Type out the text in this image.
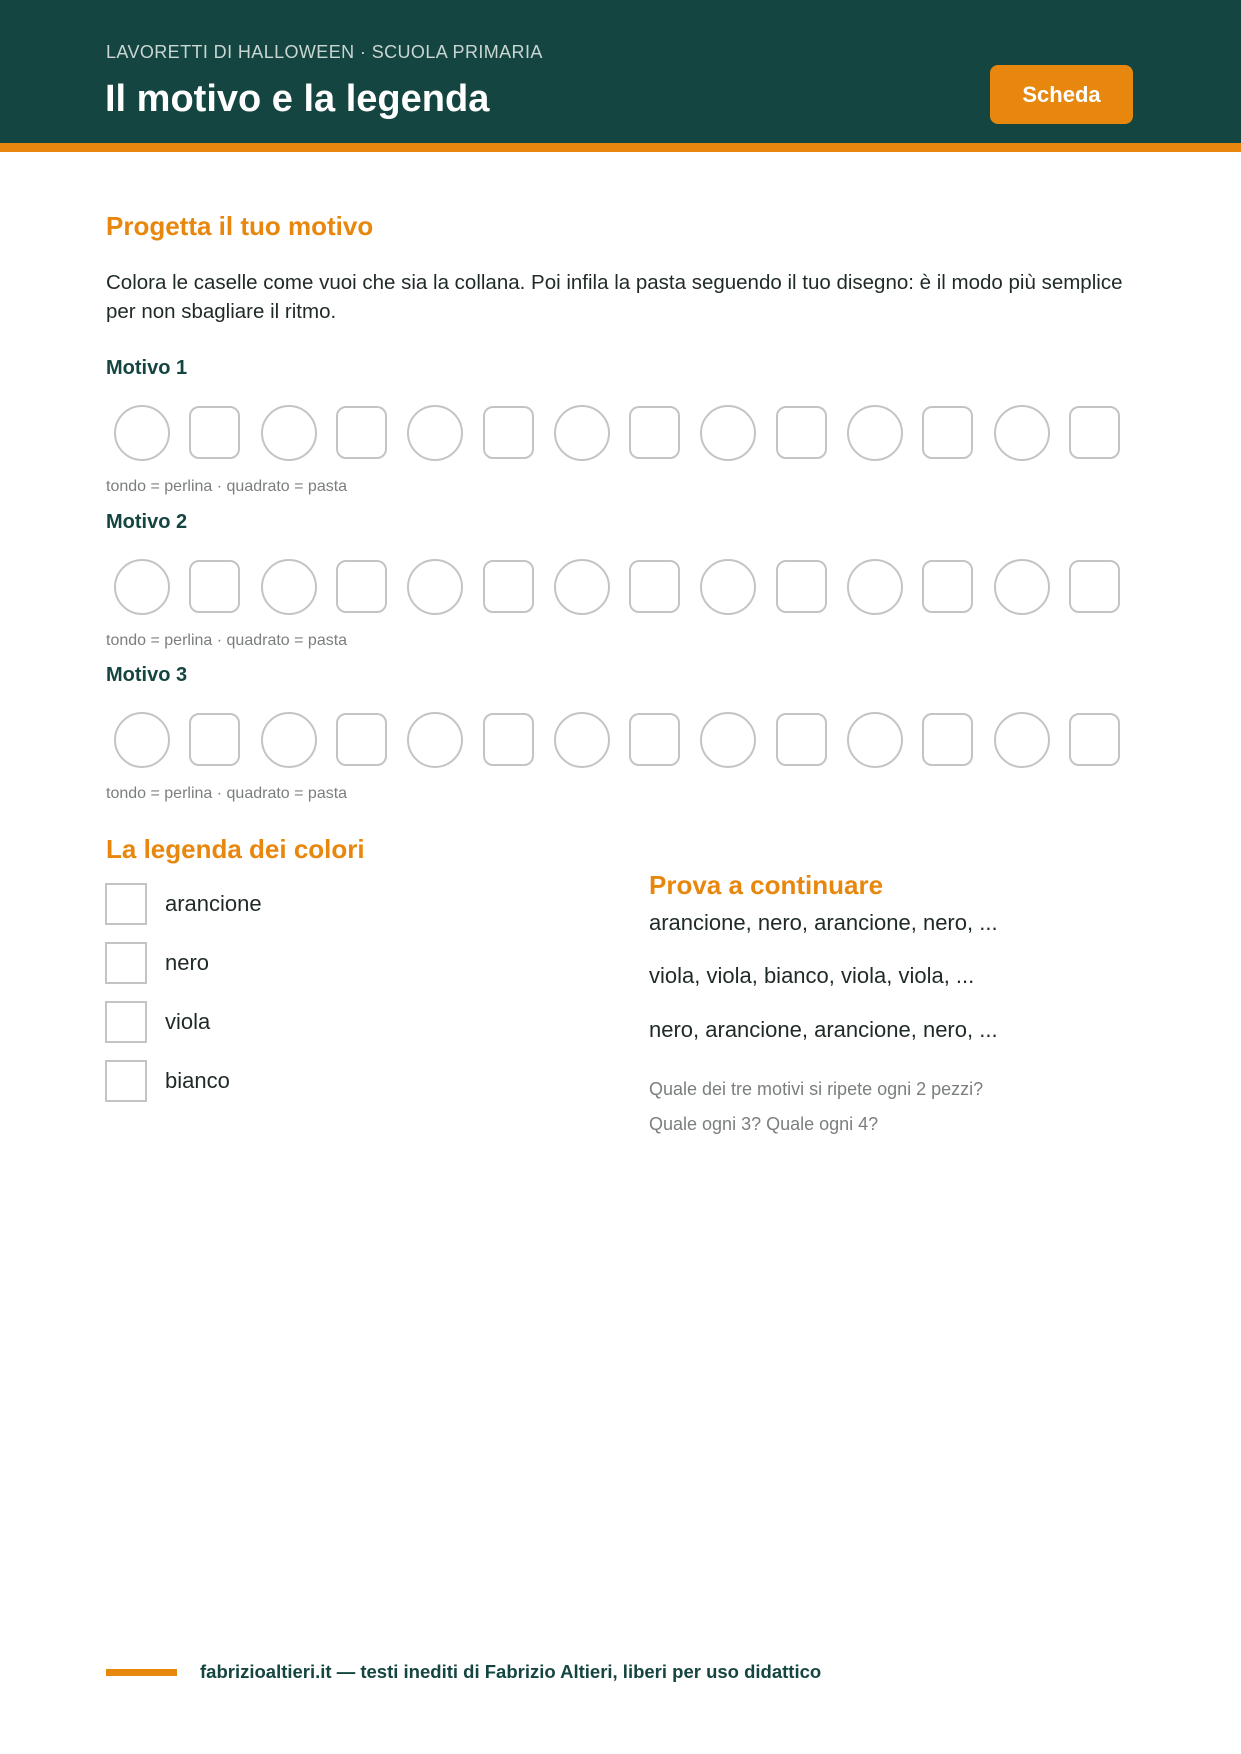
LAVORETTI DI HALLOWEEN · SCUOLA PRIMARIA
Il motivo e la legenda	Scheda
Progetta il tuo motivo
Colora le caselle come vuoi che sia la collana. Poi infila la pasta seguendo il tuo disegno: è il modo più semplice per non sbagliare il ritmo.
Motivo 1
tondo = perlina · quadrato = pasta
Motivo 2
tondo = perlina · quadrato = pasta
Motivo 3
tondo = perlina · quadrato = pasta
La legenda dei colori
arancione
nero
viola
bianco
Prova a continuare
arancione, nero, arancione, nero, ...
viola, viola, bianco, viola, viola, ...
nero, arancione, arancione, nero, ...
Quale dei tre motivi si ripete ogni 2 pezzi?
Quale ogni 3? Quale ogni 4?
fabrizioaltieri.it — testi inediti di Fabrizio Altieri, liberi per uso didattico
